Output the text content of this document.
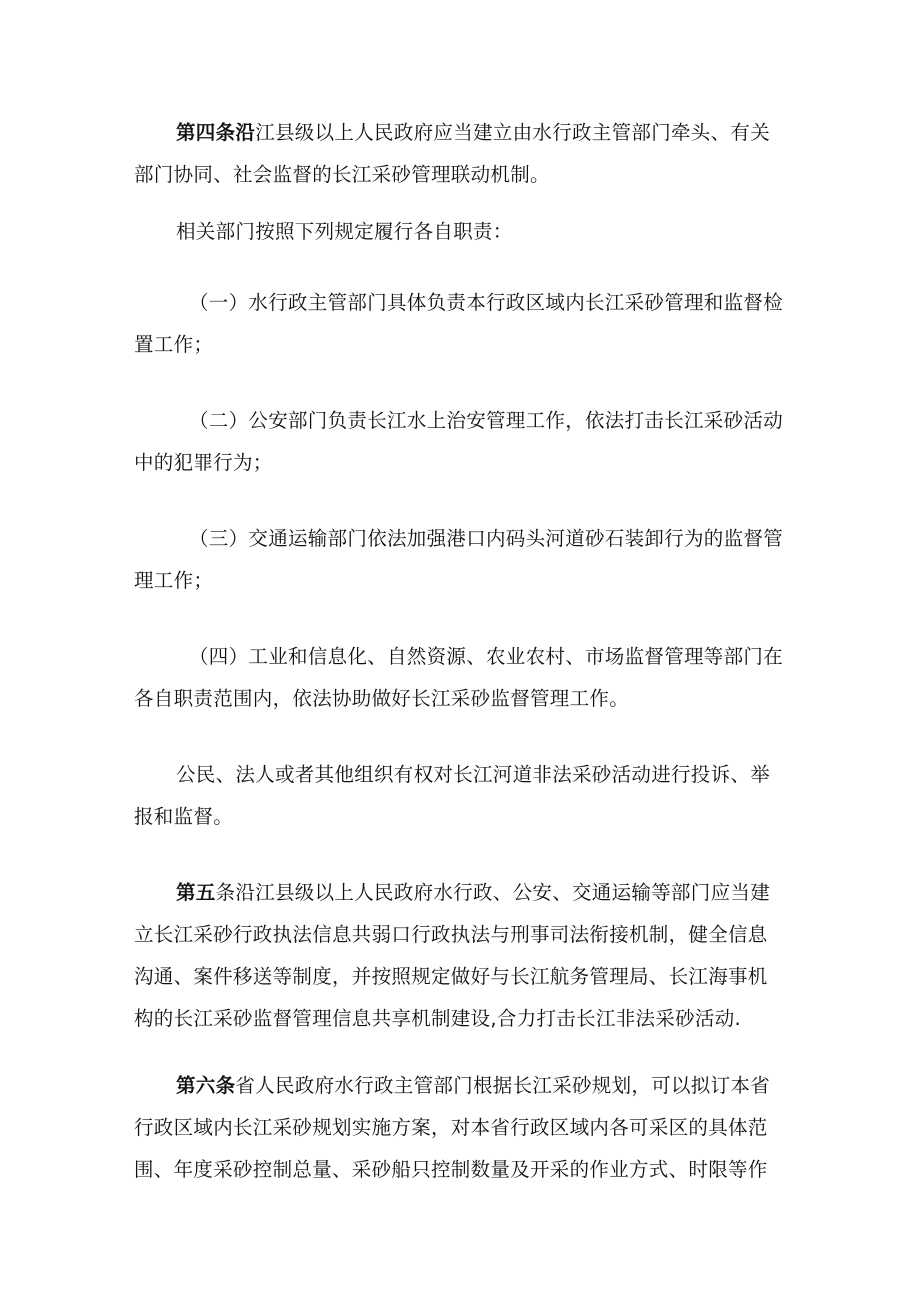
第四条沿江县级以上人民政府应当建立由水行政主管部门牵头、有关部门协同、社会监督的长江采砂管理联动机制。

相关部门按照下列规定履行各自职责：

（一）水行政主管部门具体负责本行政区域内长江采砂管理和监督检置工作；

（二）公安部门负责长江水上治安管理工作，依法打击长江采砂活动中的犯罪行为；

（三）交通运输部门依法加强港口内码头河道砂石装卸行为的监督管理工作；

（四）工业和信息化、自然资源、农业农村、市场监督管理等部门在各自职责范围内，依法协助做好长江采砂监督管理工作。

公民、法人或者其他组织有权对长江河道非法采砂活动进行投诉、举报和监督。

第五条沿江县级以上人民政府水行政、公安、交通运输等部门应当建立长江采砂行政执法信息共弱口行政执法与刑事司法衔接机制，健全信息沟通、案件移送等制度，并按照规定做好与长江航务管理局、长江海事机构的长江采砂监督管理信息共享机制建设,合力打击长江非法采砂活动.

第六条省人民政府水行政主管部门根据长江采砂规划，可以拟订本省行政区域内长江采砂规划实施方案，对本省行政区域内各可采区的具体范围、年度采砂控制总量、采砂船只控制数量及开采的作业方式、时限等作
